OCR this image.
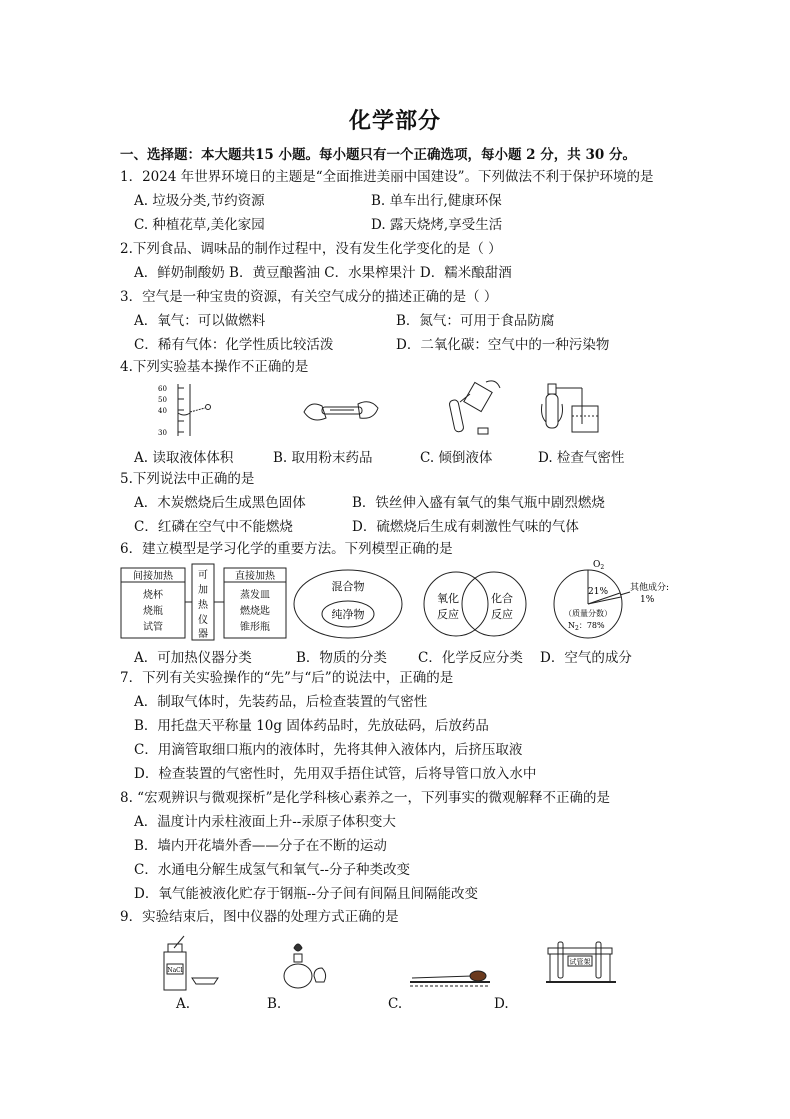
化学部分
一、选择题：本大题共15 小题。每小题只有一个正确选项，每小题 2 分，共 30 分。
1．2024 年世界环境日的主题是“全面推进美丽中国建设”。下列做法不利于保护环境的是
A. 垃圾分类,节约资源	B. 单车出行,健康环保
C. 种植花草,美化家园	D. 露天烧烤,享受生活
2.下列食品、调味品的制作过程中，没有发生化学变化的是（ ）
A．鲜奶制酸奶 B．黄豆酿酱油 C．水果榨果汁 D．糯米酿甜酒
3．空气是一种宝贵的资源，有关空气成分的描述正确的是（ ）
A．氧气：可以做燃料	B．氮气：可用于食品防腐
C．稀有气体：化学性质比较活泼	D．二氧化碳：空气中的一种污染物
4.下列实验基本操作不正确的是
60
50
40
30
A. 读取液体体积	B. 取用粉末药品	C. 倾倒液体	D. 检查气密性
5.下列说法中正确的是
A．木炭燃烧后生成黑色固体	B．铁丝伸入盛有氧气的集气瓶中剧烈燃烧
C．红磷在空气中不能燃烧	D．硫燃烧后生成有刺激性气味的气体
6．建立模型是学习化学的重要方法。下列模型正确的是
间接加热
烧杯
烧瓶
试管
可
加
热
仪
器
直接加热
蒸发皿
燃烧匙
锥形瓶
混合物
纯净物
氧化
反应
化合
反应
$O_2$
21% 其他成分:
1%
（质量分数）
$N_2$：78%
A．可加热仪器分类	B．物质的分类 C．化学反应分类 D．空气的成分
7．下列有关实验操作的“先”与“后”的说法中，正确的是
A．制取气体时，先装药品，后检查装置的气密性
B．用托盘天平称量 10g 固体药品时，先放砝码，后放药品
C．用滴管取细口瓶内的液体时，先将其伸入液体内，后挤压取液
D．检查装置的气密性时，先用双手捂住试管，后将导管口放入水中
8. “宏观辨识与微观探析”是化学科核心素养之一，下列事实的微观解释不正确的是
A．温度计内汞柱液面上升--汞原子体积变大
B．墙内开花墙外香——分子在不断的运动
C．水通电分解生成氢气和氧气--分子种类改变
D．氧气能被液化贮存于钢瓶--分子间有间隔且间隔能改变
9．实验结束后，图中仪器的处理方式正确的是
NaCl
试管架
A.	B.	C.	D.
